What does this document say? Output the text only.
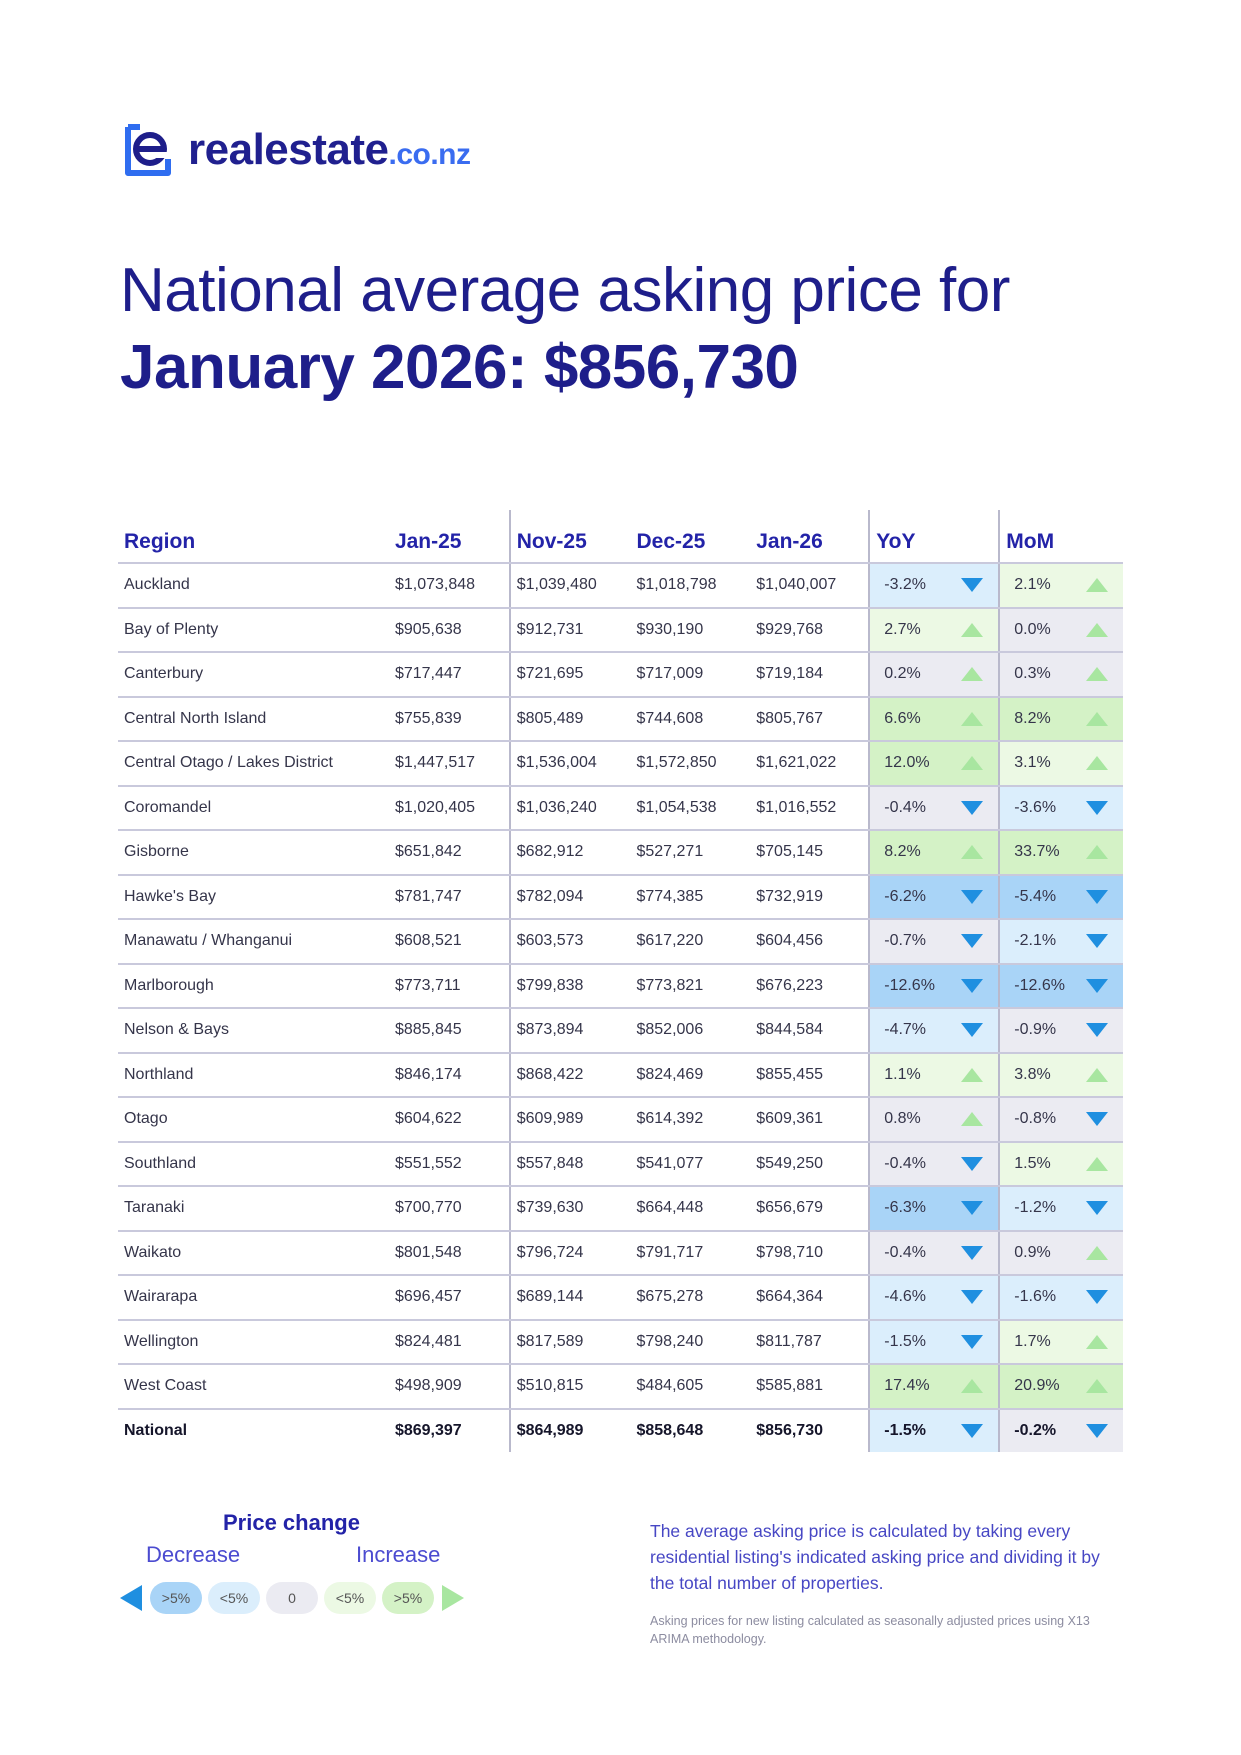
realestate.co.nz
National average asking price for
January 2026: $856,730
Region	Jan-25	Nov-25	Dec-25	Jan-26	YoY	MoM
Auckland	$1,073,848	$1,039,480	$1,018,798	$1,040,007	-3.2%	2.1%

Bay of Plenty	$905,638	$912,731	$930,190	$929,768	2.7%	0.0%

Canterbury	$717,447	$721,695	$717,009	$719,184	0.2%	0.3%

Central North Island	$755,839	$805,489	$744,608	$805,767	6.6%	8.2%

Central Otago / Lakes District	$1,447,517	$1,536,004	$1,572,850	$1,621,022	12.0%	3.1%

Coromandel	$1,020,405	$1,036,240	$1,054,538	$1,016,552	-0.4%	-3.6%

Gisborne	$651,842	$682,912	$527,271	$705,145	8.2%	33.7%

Hawke's Bay	$781,747	$782,094	$774,385	$732,919	-6.2%	-5.4%

Manawatu / Whanganui	$608,521	$603,573	$617,220	$604,456	-0.7%	-2.1%

Marlborough	$773,711	$799,838	$773,821	$676,223	-12.6%	-12.6%

Nelson & Bays	$885,845	$873,894	$852,006	$844,584	-4.7%	-0.9%

Northland	$846,174	$868,422	$824,469	$855,455	1.1%	3.8%

Otago	$604,622	$609,989	$614,392	$609,361	0.8%	-0.8%

Southland	$551,552	$557,848	$541,077	$549,250	-0.4%	1.5%

Taranaki	$700,770	$739,630	$664,448	$656,679	-6.3%	-1.2%

Waikato	$801,548	$796,724	$791,717	$798,710	-0.4%	0.9%

Wairarapa	$696,457	$689,144	$675,278	$664,364	-4.6%	-1.6%

Wellington	$824,481	$817,589	$798,240	$811,787	-1.5%	1.7%

West Coast	$498,909	$510,815	$484,605	$585,881	17.4%	20.9%

National	$869,397	$864,989	$858,648	$856,730	-1.5%	-0.2%
Price change
Decrease	Increase
>5%	<5%	0	<5%	>5%
The average asking price is calculated by taking every residential listing's indicated asking price and dividing it by the total number of properties.
Asking prices for new listing calculated as seasonally adjusted prices using X13 ARIMA methodology.
